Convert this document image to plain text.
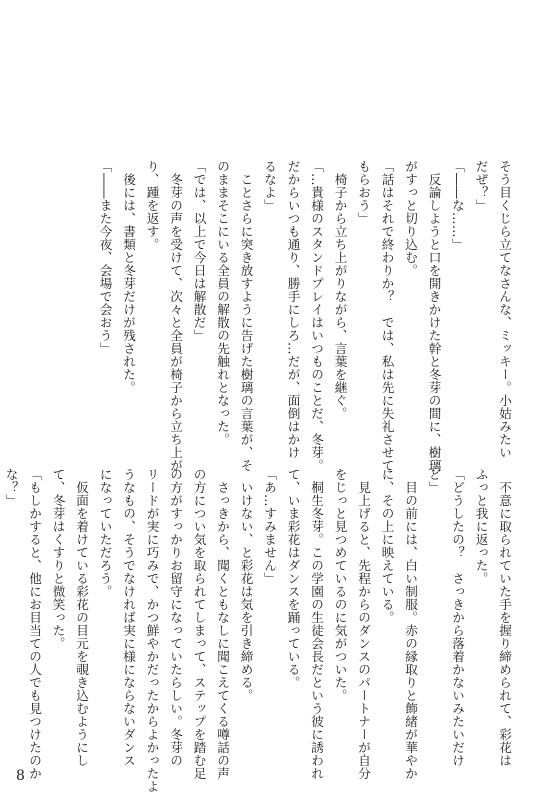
そう目くじら立てなさんな、ミッキー。小姑みたい

だぜ？」

「――な……」

　反論しようと口を開きかけた幹と冬芽の間に、樹璃

がすっと切り込む。

「話はそれで終わりか？　では、私は先に失礼させて

もらおう」

　椅子から立ち上がりながら、言葉を継ぐ。

「…貴様のスタンドプレイはいつものことだ、冬芽。

だからいつも通り、勝手にしろ…だが、面倒はかけ

るなよ」

　ことさらに突き放すように告げた樹璃の言葉が、そ

のままそこにいる全員の解散の先触れとなった。

「では、以上で今日は解散だ」

　冬芽の声を受けて、次々と全員が椅子から立ち上が

り、踵を返す。

　後には、書類と冬芽だけが残された。

「――また今夜、会場で会おう」

　不意に取られていた手を握り締められて、彩花は

ふっと我に返った。

「どうしたの？　さっきから落着かないみたいだけ

ど」

　目の前には、白い制服。赤の縁取りと飾緒が華やか

に、その上に映えている。

　見上げると、先程からのダンスのパートナーが自分

をじっと見つめているのに気がついた。

　桐生冬芽。この学園の生徒会長だという彼に誘われ

て、いま彩花はダンスを踊っている。

「あ…すみません」

　いけない、と彩花は気を引き締める。

　さっきから、聞くともなしに聞こえてくる噂話の声

の方につい気を取られてしまって、ステップを踏む足

の方がすっかりお留守になっていたらしい。冬芽の

リードが実に巧みで、かつ鮮やかだったからよかったよ

うなもの、そうでなければ実に様にならないダンス

になっていただろう。

　仮面を着けている彩花の目元を覗き込むようにし

て、冬芽はくすりと微笑った。

「もしかすると、他にお目当ての人でも見つけたのか

な？」

8
